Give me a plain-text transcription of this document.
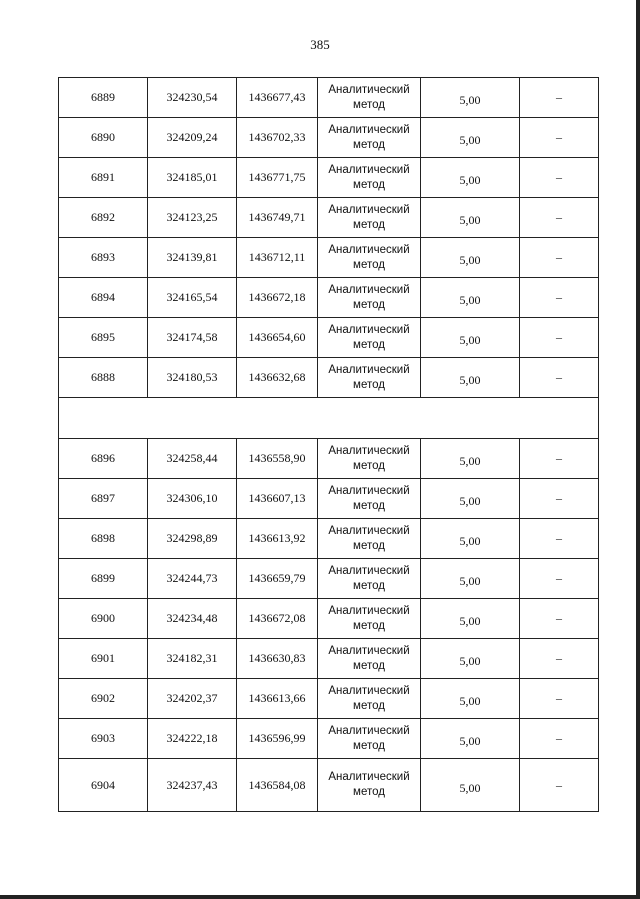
385
6889	324230,54	1436677,43	Аналитический метод	5,00	–
6890	324209,24	1436702,33	Аналитический метод	5,00	–
6891	324185,01	1436771,75	Аналитический метод	5,00	–
6892	324123,25	1436749,71	Аналитический метод	5,00	–
6893	324139,81	1436712,11	Аналитический метод	5,00	–
6894	324165,54	1436672,18	Аналитический метод	5,00	–
6895	324174,58	1436654,60	Аналитический метод	5,00	–
6888	324180,53	1436632,68	Аналитический метод	5,00	–

6896	324258,44	1436558,90	Аналитический метод	5,00	–
6897	324306,10	1436607,13	Аналитический метод	5,00	–
6898	324298,89	1436613,92	Аналитический метод	5,00	–
6899	324244,73	1436659,79	Аналитический метод	5,00	–
6900	324234,48	1436672,08	Аналитический метод	5,00	–
6901	324182,31	1436630,83	Аналитический метод	5,00	–
6902	324202,37	1436613,66	Аналитический метод	5,00	–
6903	324222,18	1436596,99	Аналитический метод	5,00	–
6904	324237,43	1436584,08	Аналитический метод	5,00	–
